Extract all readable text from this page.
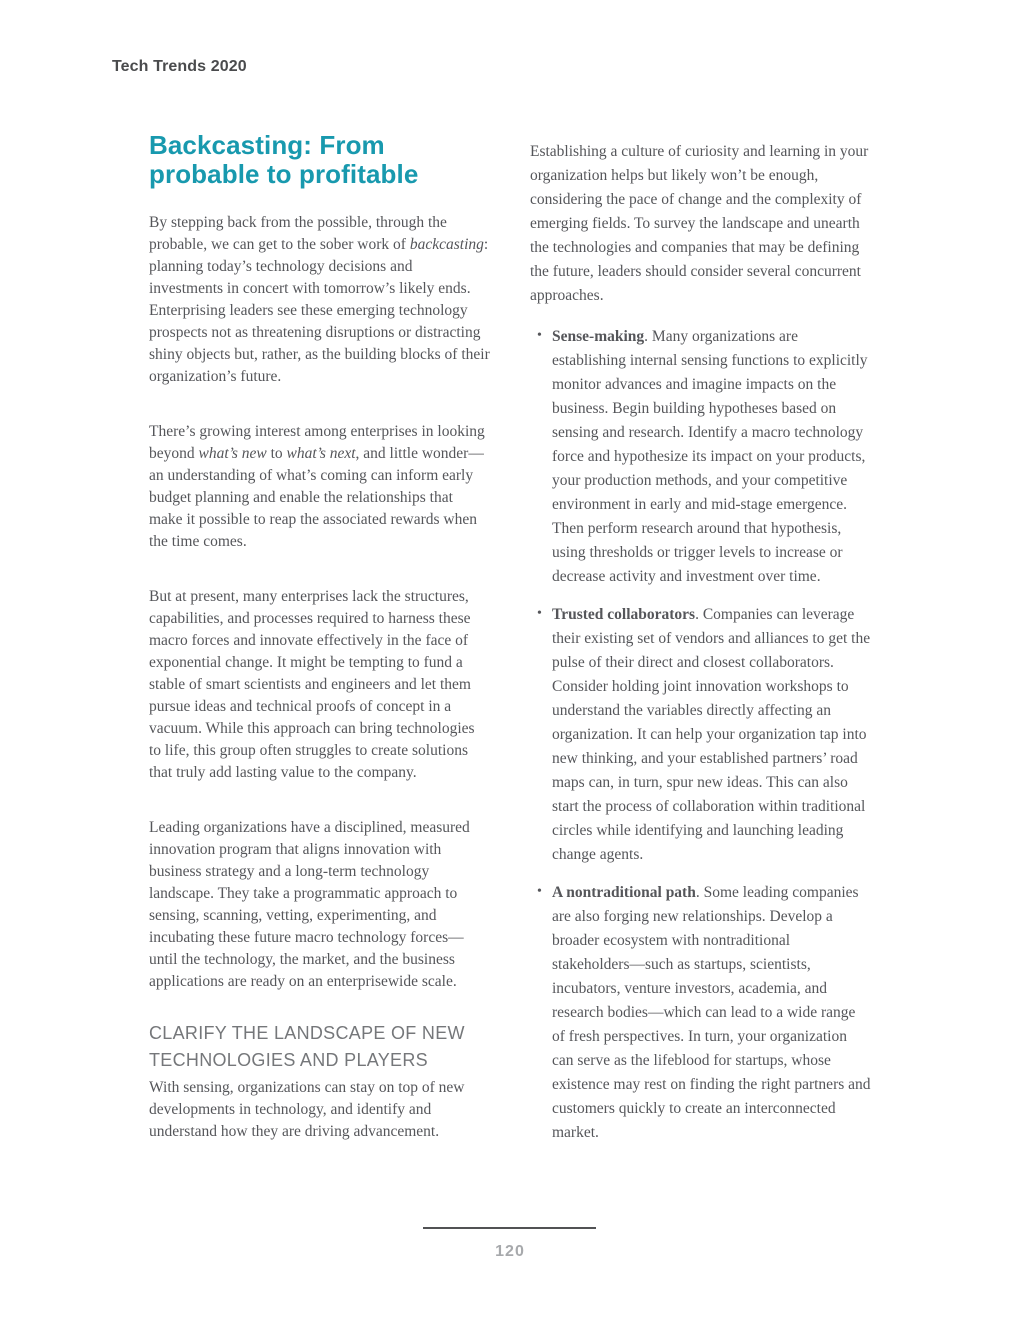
Tech Trends 2020
Backcasting: From probable to profitable

By stepping back from the possible, through the probable, we can get to the sober work of backcasting: planning today’s technology decisions and investments in concert with tomorrow’s likely ends. Enterprising leaders see these emerging technology prospects not as threatening disruptions or distracting shiny objects but, rather, as the building blocks of their organization’s future.

There’s growing interest among enterprises in looking beyond what’s new to what’s next, and little wonder—an understanding of what’s coming can inform early budget planning and enable the relationships that make it possible to reap the associated rewards when the time comes.

But at present, many enterprises lack the structures, capabilities, and processes required to harness these macro forces and innovate effectively in the face of exponential change. It might be tempting to fund a stable of smart scientists and engineers and let them pursue ideas and technical proofs of concept in a vacuum. While this approach can bring technologies to life, this group often struggles to create solutions that truly add lasting value to the company.

Leading organizations have a disciplined, measured innovation program that aligns innovation with business strategy and a long-term technology landscape. They take a programmatic approach to sensing, scanning, vetting, experimenting, and incubating these future macro technology forces—until the technology, the market, and the business applications are ready on an enterprisewide scale.

CLARIFY THE LANDSCAPE OF NEW TECHNOLOGIES AND PLAYERS

With sensing, organizations can stay on top of new developments in technology, and identify and understand how they are driving advancement.

Establishing a culture of curiosity and learning in your organization helps but likely won’t be enough, considering the pace of change and the complexity of emerging fields. To survey the landscape and unearth the technologies and companies that may be defining the future, leaders should consider several concurrent approaches.

• Sense-making. Many organizations are establishing internal sensing functions to explicitly monitor advances and imagine impacts on the business. Begin building hypotheses based on sensing and research. Identify a macro technology force and hypothesize its impact on your products, your production methods, and your competitive environment in early and mid-stage emergence. Then perform research around that hypothesis, using thresholds or trigger levels to increase or decrease activity and investment over time.
• Trusted collaborators. Companies can leverage their existing set of vendors and alliances to get the pulse of their direct and closest collaborators. Consider holding joint innovation workshops to understand the variables directly affecting an organization. It can help your organization tap into new thinking, and your established partners’ road maps can, in turn, spur new ideas. This can also start the process of collaboration within traditional circles while identifying and launching leading change agents.
• A nontraditional path. Some leading companies are also forging new relationships. Develop a broader ecosystem with nontraditional stakeholders—such as startups, scientists, incubators, venture investors, academia, and research bodies—which can lead to a wide range of fresh perspectives. In turn, your organization can serve as the lifeblood for startups, whose existence may rest on finding the right partners and customers quickly to create an interconnected market.
120
